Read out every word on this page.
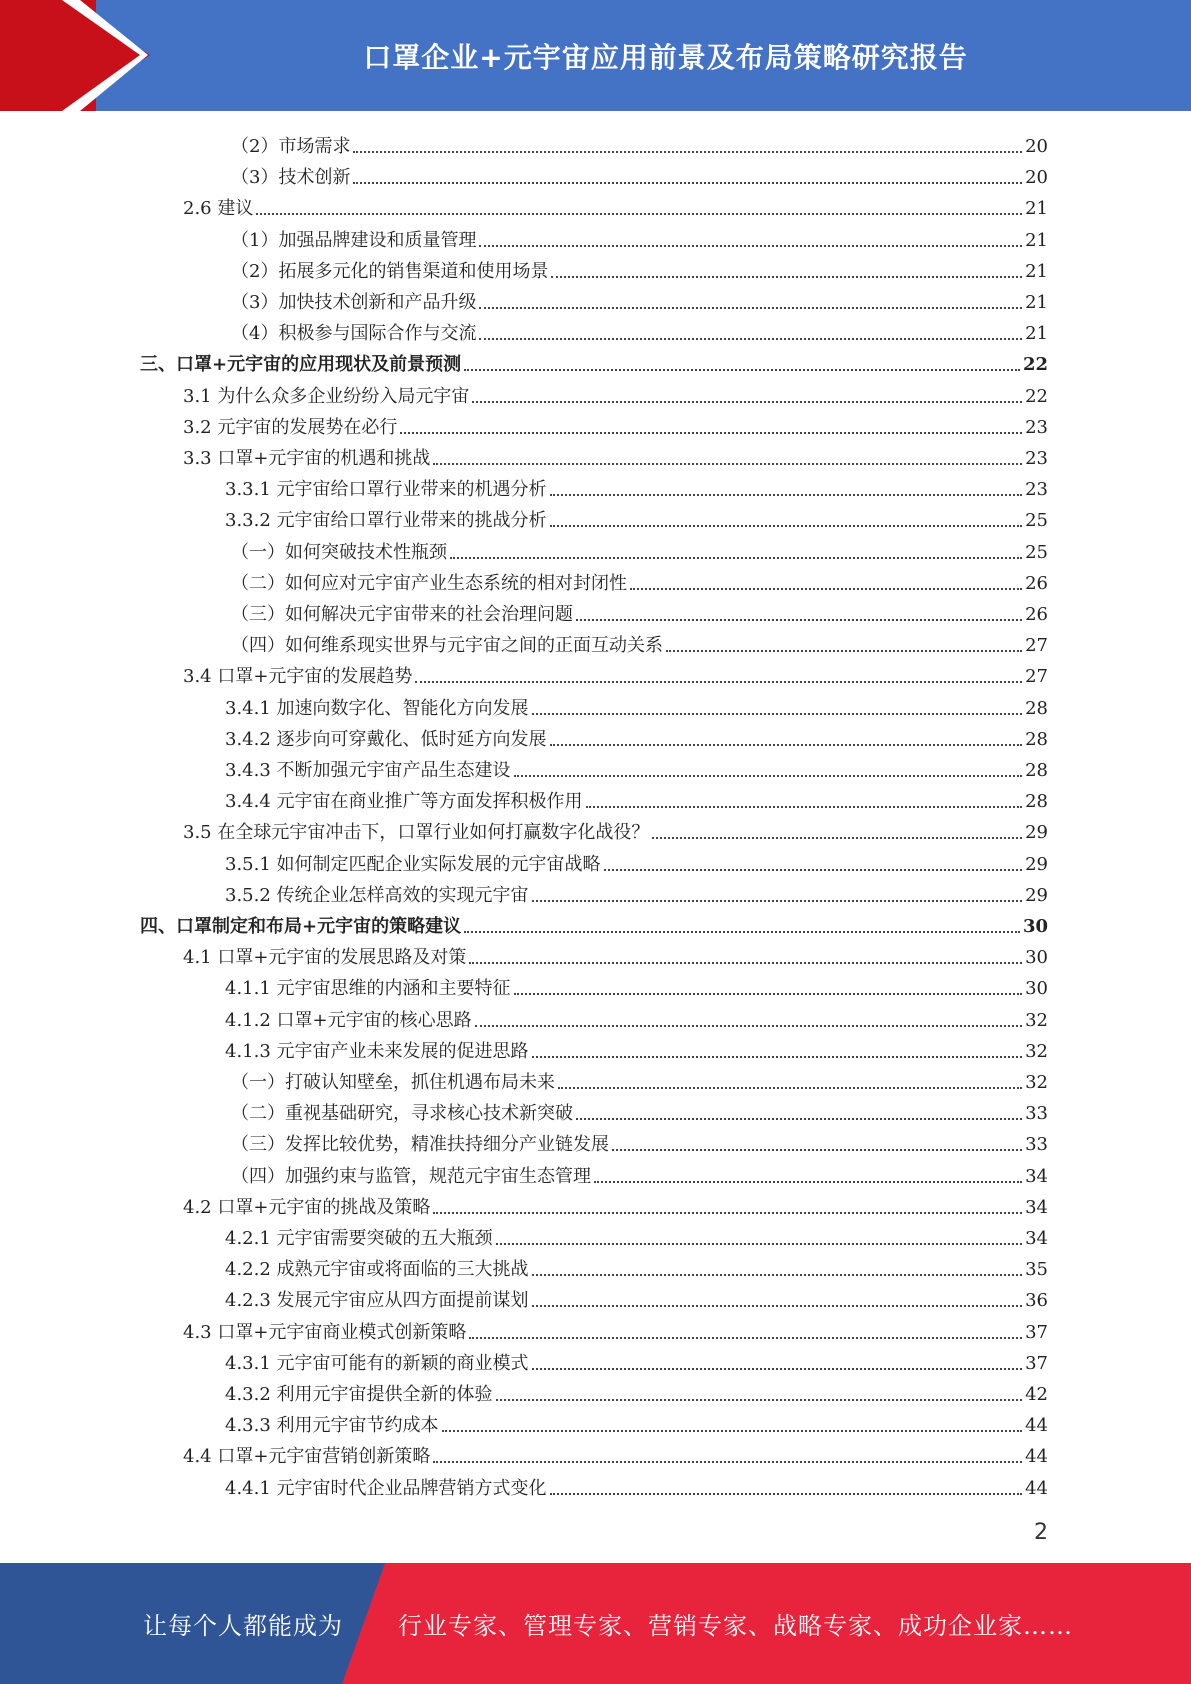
口罩企业+元宇宙应用前景及布局策略研究报告
（2）市场需求	20
（3）技术创新	20
2.6 建议	21
（1）加强品牌建设和质量管理	21
（2）拓展多元化的销售渠道和使用场景	21
（3）加快技术创新和产品升级	21
（4）积极参与国际合作与交流	21
三、口罩+元宇宙的应用现状及前景预测	22
3.1 为什么众多企业纷纷入局元宇宙	22
3.2 元宇宙的发展势在必行	23
3.3 口罩+元宇宙的机遇和挑战	23
3.3.1 元宇宙给口罩行业带来的机遇分析	23
3.3.2 元宇宙给口罩行业带来的挑战分析	25
（一）如何突破技术性瓶颈	25
（二）如何应对元宇宙产业生态系统的相对封闭性	26
（三）如何解决元宇宙带来的社会治理问题	26
（四）如何维系现实世界与元宇宙之间的正面互动关系	27
3.4 口罩+元宇宙的发展趋势	27
3.4.1 加速向数字化、智能化方向发展	28
3.4.2 逐步向可穿戴化、低时延方向发展	28
3.4.3 不断加强元宇宙产品生态建设	28
3.4.4 元宇宙在商业推广等方面发挥积极作用	28
3.5 在全球元宇宙冲击下，口罩行业如何打赢数字化战役？	29
3.5.1 如何制定匹配企业实际发展的元宇宙战略	29
3.5.2 传统企业怎样高效的实现元宇宙	29
四、口罩制定和布局+元宇宙的策略建议	30
4.1 口罩+元宇宙的发展思路及对策	30
4.1.1 元宇宙思维的内涵和主要特征	30
4.1.2 口罩+元宇宙的核心思路	32
4.1.3 元宇宙产业未来发展的促进思路	32
（一）打破认知壁垒，抓住机遇布局未来	32
（二）重视基础研究，寻求核心技术新突破	33
（三）发挥比较优势，精准扶持细分产业链发展	33
（四）加强约束与监管，规范元宇宙生态管理	34
4.2 口罩+元宇宙的挑战及策略	34
4.2.1 元宇宙需要突破的五大瓶颈	34
4.2.2 成熟元宇宙或将面临的三大挑战	35
4.2.3 发展元宇宙应从四方面提前谋划	36
4.3 口罩+元宇宙商业模式创新策略	37
4.3.1 元宇宙可能有的新颖的商业模式	37
4.3.2 利用元宇宙提供全新的体验	42
4.3.3 利用元宇宙节约成本	44
4.4 口罩+元宇宙营销创新策略	44
4.4.1 元宇宙时代企业品牌营销方式变化	44
2
让每个人都能成为 行业专家、管理专家、营销专家、战略专家、成功企业家……
